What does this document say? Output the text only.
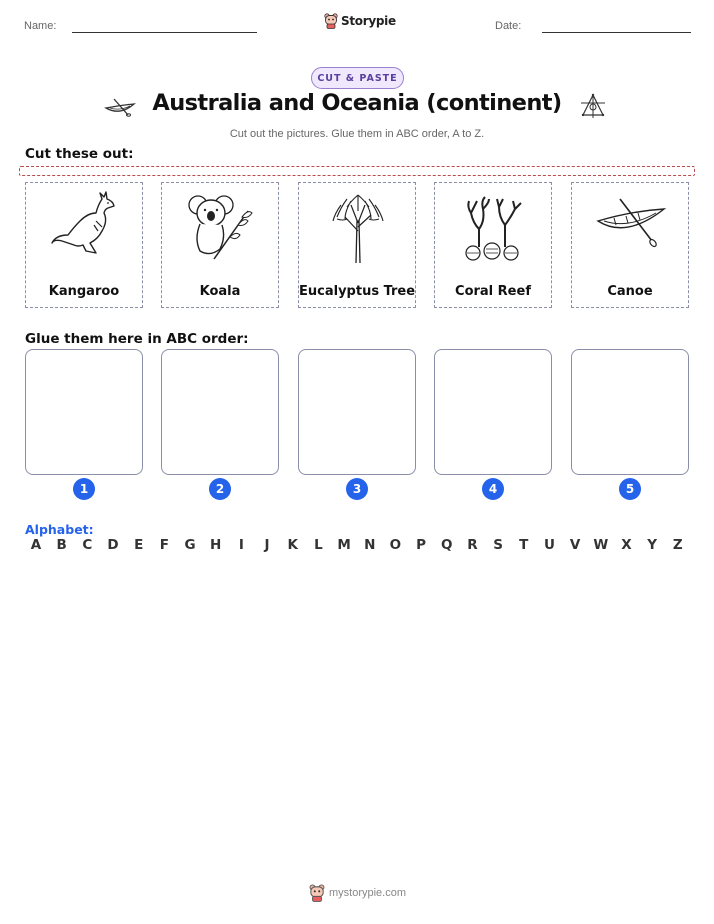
Name:	Storypie	Date:
CUT & PASTE
Australia and Oceania (continent)
Cut out the pictures. Glue them in ABC order, A to Z.
Cut these out:
Kangaroo	Koala	Eucalyptus Tree	Coral Reef	Canoe
Glue them here in ABC order:
1	2	3	4	5
Alphabet:
A	B	C	D	E	F	G	H	I	J	K	L	M N	O	P	Q	R	S	T	U	V W X	Y	Z
mystorypie.com
